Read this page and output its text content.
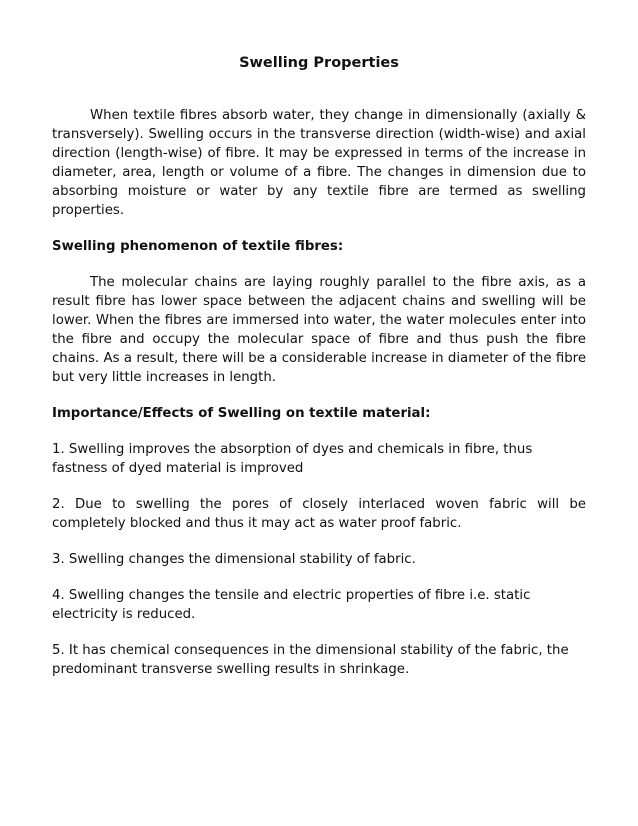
Swelling Properties

When textile fibres absorb water, they change in dimensionally (axially & transversely). Swelling occurs in the transverse direction (width-wise) and axial direction (length-wise) of fibre. It may be expressed in terms of the increase in diameter, area, length or volume of a fibre. The changes in dimension due to absorbing moisture or water by any textile fibre are termed as swelling properties.

Swelling phenomenon of textile fibres:

The molecular chains are laying roughly parallel to the fibre axis, as a result fibre has lower space between the adjacent chains and swelling will be lower. When the fibres are immersed into water, the water molecules enter into the fibre and occupy the molecular space of fibre and thus push the fibre chains. As a result, there will be a considerable increase in diameter of the fibre but very little increases in length.

Importance/Effects of Swelling on textile material:

1. Swelling improves the absorption of dyes and chemicals in fibre, thus fastness of dyed material is improved

2. Due to swelling the pores of closely interlaced woven fabric will be completely blocked and thus it may act as water proof fabric.

3. Swelling changes the dimensional stability of fabric.

4. Swelling changes the tensile and electric properties of fibre i.e. static electricity is reduced.

5. It has chemical consequences in the dimensional stability of the fabric, the predominant transverse swelling results in shrinkage.
